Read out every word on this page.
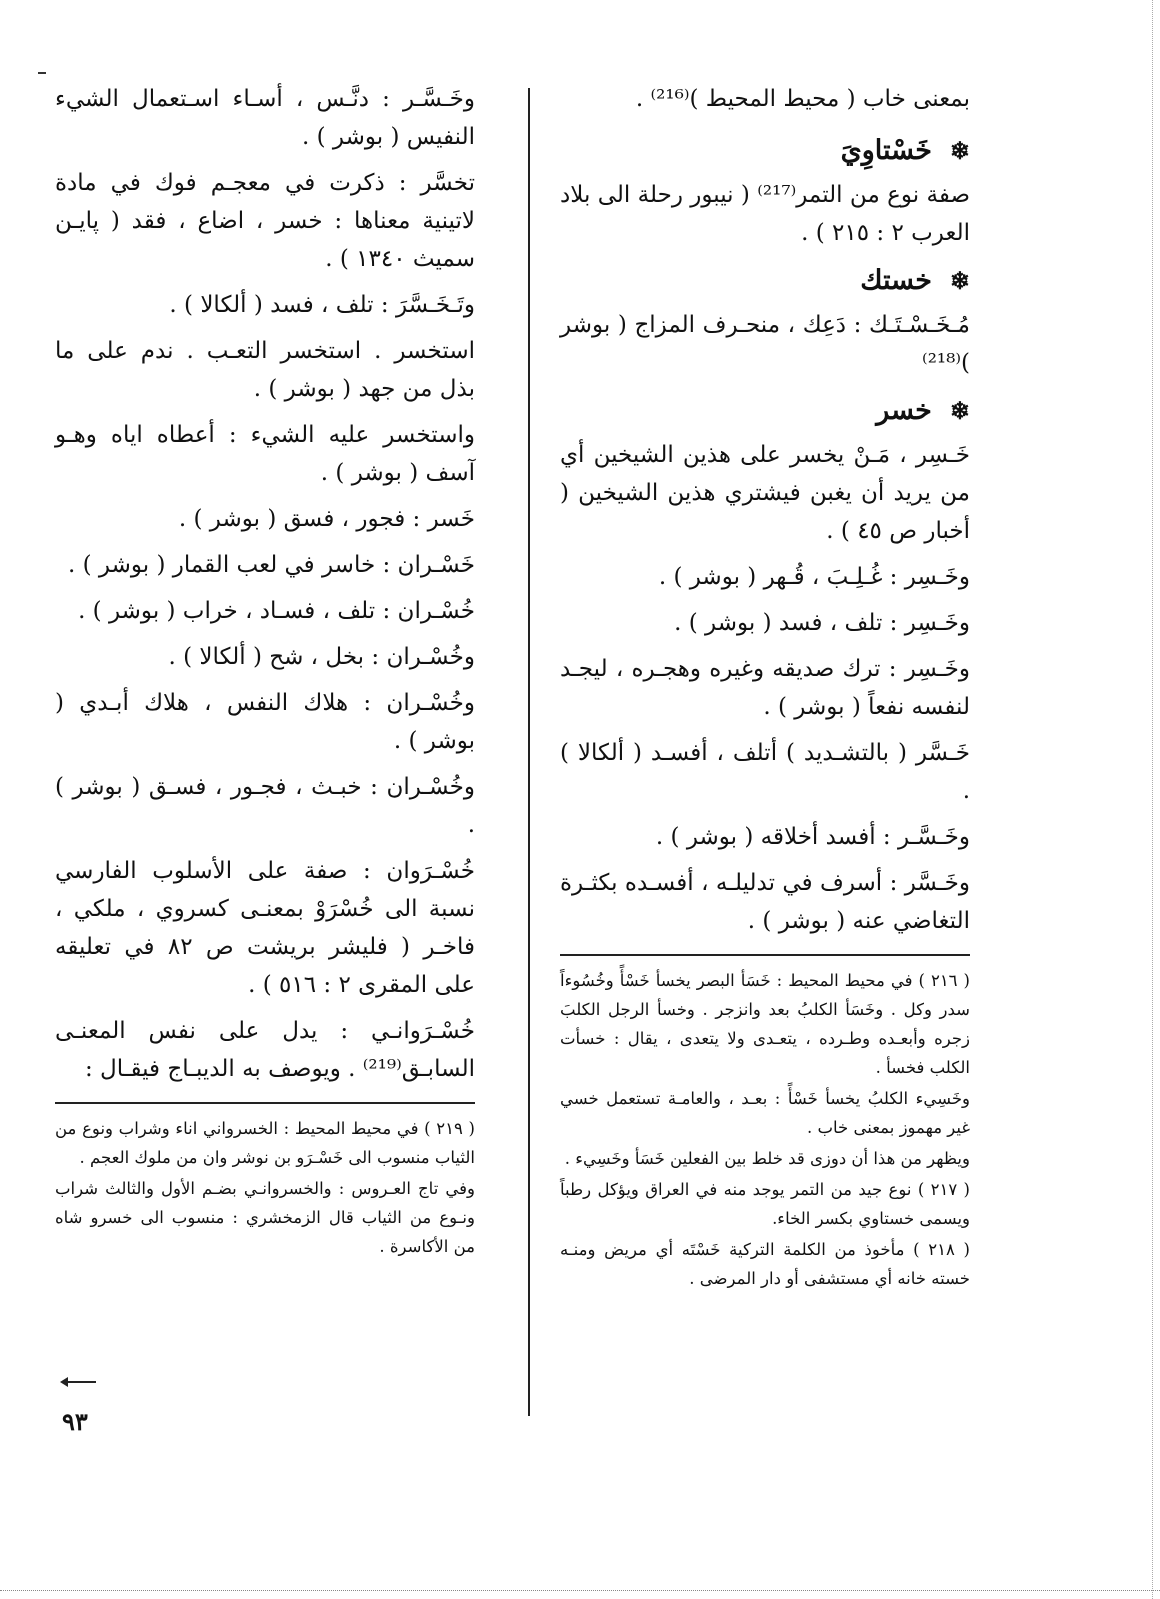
بمعنى خاب ( محيط المحيط )⁽²¹⁶⁾ .

❄
خَسْتاوِيَ

صفة نوع من التمر⁽²¹⁷⁾ ( نيبور رحلة الى بلاد العرب ٢ : ٢١٥ ) .

❄
خستك

مُـخَـسْـتَـك : دَعِك ، منحـرف المزاج ( بوشر )⁽²¹⁸⁾

❄
خسر

خَـسِر ، مَـنْ يخسر على هذين الشيخين أي من يريد أن يغبن فيشتري هذين الشيخين ( أخبار ص ٤٥ ) .

وخَـسِر : غُـلِـبَ ، قُـهر ( بوشر ) .

وخَـسِر : تلف ، فسد ( بوشر ) .

وخَـسِر : ترك صديقه وغيره وهجـره ، ليجـد لنفسه نفعاً ( بوشر ) .

خَـسَّر ( بالتشـديد ) أتلف ، أفسـد ( ألكالا ) .

وخَـسَّـر : أفسد أخلاقه ( بوشر ) .

وخَـسَّر : أسرف في تدليلـه ، أفسـده بكثـرة التغاضي عنه ( بوشر ) .

( ٢١٦ ) في محيط المحيط : خَسَأ البصر يخسأ خَسْأً وخُسُوءاً سدر وكل . وخَسَأ الكلبُ بعد وانزجر . وخسأ الرجل الكلبَ زجره وأبعـده وطـرده ، يتعـدى ولا يتعدى ، يقال : خسأت الكلب فخسأ .

وخَسِيء الكلبُ يخسأ خَسْأً : بعـد ، والعامـة تستعمل خسي غير مهموز بمعنى خاب .

ويظهر من هذا أن دوزى قد خلط بين الفعلين خَسَأ وخَسِيء .

( ٢١٧ ) نوع جيد من التمر يوجد منه في العراق ويؤكل رطباً ويسمى خستاوي بكسر الخاء.

( ٢١٨ ) مأخوذ من الكلمة التركية خَسْتَه أي مريض ومنـه خسته خانه أي مستشفى أو دار المرضى .

وخَـسَّـر : دنَّـس ، أسـاء اسـتعمال الشيء النفيس ( بوشر ) .

تخسَّر : ذكرت في معجـم فوك في مادة لاتينية معناها : خسر ، اضاع ، فقد ( پايـن سميث ١٣٤٠ ) .

وتَـخَـسَّرَ : تلف ، فسد ( ألكالا ) .

استخسر . استخسر التعـب . ندم على ما بذل من جهد ( بوشر ) .

واستخسر عليه الشيء : أعطاه اياه وهـو آسف ( بوشر ) .

خَسر : فجور ، فسق ( بوشر ) .

خَسْـران : خاسر في لعب القمار ( بوشر ) .

خُسْـران : تلف ، فسـاد ، خراب ( بوشر ) .

وخُسْـران : بخل ، شح ( ألكالا ) .

وخُسْـران : هلاك النفس ، هلاك أبـدي ( بوشر ) .

وخُسْـران : خبـث ، فجـور ، فسـق ( بوشر ) .

خُسْـرَوان : صفة على الأسلوب الفارسي نسبة الى خُسْرَوْ بمعنـى كسروي ، ملكي ، فاخـر ( فليشر بريشت ص ٨٢ في تعليقه على المقرى ٢ : ٥١٦ ) .

خُسْـرَوانـي : يدل على نفس المعنـى السابـق⁽²¹⁹⁾ . ويوصف به الديبـاج فيقـال :

( ٢١٩ ) في محيط المحيط : الخسرواني اناء وشراب ونوع من الثياب منسوب الى خَسْـرَو بن نوشر وان من ملوك العجم .

وفي تاج العـروس : والخسروانـي بضـم الأول والثالث شراب ونـوع من الثياب قال الزمخشري : منسوب الى خسرو شاه من الأكاسرة .

٩٣
